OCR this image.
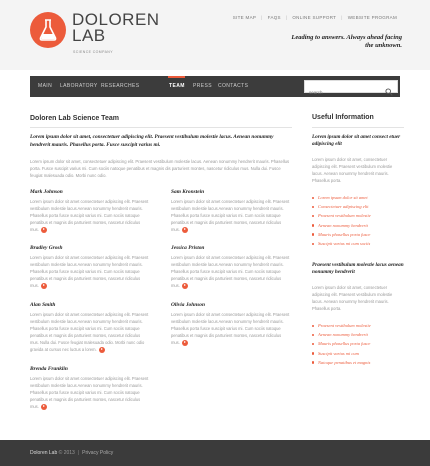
DOLOREN
LAB
SCIENCE COMPANY
SITE MAP	|	FAQS	|	ONLINE SUPPORT	|	WEBSITE PROGRAM
Leading to answers. Always ahead facing the unknown.
MAIN LABORATORY RESEARCHES	TEAM PRESS CONTACTS
search
Doloren Lab Science Team
Lorem ipsum dolor sit amet, consectetuer adipiscing elit. Praesent vestibulum molestie lacus. Aenean nonummy hendrerit mauris. Phasellus porta. Fusce suscipit varius mi.
Lorem ipsum dolor sit amet, consectetuer adipiscing elit. Praesent vestibulum molestie lacus. Aenean nonummy hendrerit mauris. Phasellus porta. Fusce suscipit varius mi. Cum sociis natoque penatibus et magnis dis parturient montes, nascetur ridiculus mus. Nulla dui. Fusce feugiat malesuada odio. Morbi nunc odio.
Mark Johnson
Lorem ipsum dolor sit amet consectetuer adipiscing elit. Praesent vestibulum molestie lacus Aenean nonummy hendrerit mauris. Phasellus porta fusce suscipit varius mi. Cum sociis natoque penatibus et magnis dis parturient montes, nascetur ridiculus mus.
Sam Kronstein
Lorem ipsum dolor sit amet consectetuer adipiscing elit. Praesent vestibulum molestie lacus Aenean nonummy hendrerit mauris. Phasellus porta fusce suscipit varius mi. Cum sociis natoque penatibus et magnis dis parturient montes, nascetur ridiculus mus.
Bradley Grosh
Lorem ipsum dolor sit amet consectetuer adipiscing elit. Praesent vestibulum molestie lacus Aenean nonummy hendrerit mauris. Phasellus porta fusce suscipit varius mi. Cum sociis natoque penatibus et magnis dis parturient montes, nascetur ridiculus mus.
Jessica Priston
Lorem ipsum dolor sit amet consectetuer adipiscing elit. Praesent vestibulum molestie lacus Aenean nonummy hendrerit mauris. Phasellus porta fusce suscipit varius mi. Cum sociis natoque penatibus et magnis dis parturient montes, nascetur ridiculus mus.
Alan Smith
Lorem ipsum dolor sit amet consectetuer adipiscing elit. Praesent vestibulum molestie lacus Aenean nonummy hendrerit mauris. Phasellus porta fusce suscipit varius mi. Cum sociis natoque penatibus et magnis dis parturient montes, nascetur ridiculus mus. Nulla dui. Fusce feugiat malesuada odio. Morbi nunc odio gravida at cursus nec luctus a lorem.
Olivia Johnson
Lorem ipsum dolor sit amet consectetuer adipiscing elit. Praesent vestibulum molestie lacus Aenean nonummy hendrerit mauris. Phasellus porta fusce suscipit varius mi. Cum sociis natoque penatibus et magnis dis parturient montes, nascetur ridiculus mus.
Brenda Franklin
Lorem ipsum dolor sit amet consectetuer adipiscing elit. Praesent vestibulum molestie lacus Aenean nonummy hendrerit mauris. Phasellus porta fusce suscipit varius mi. Cum sociis natoque penatibus et magnis dis parturient montes, nascetur ridiculus mus.
Useful Information
Lorem ipsum dolor sit amet consect etuer adipiscing elit
Lorem ipsum dolor sit amet, consectetuer adipiscing elit. Praesent vestibulum molestie lacus. Aenean nonummy hendrerit mauris. Phasellus porta.
Lorem ipsum dolor sit amet
Consectetuer adipiscing elit
Praesent vestibulum molestie
Aenean nonummy hendrerit
Mauris phasellus porta fusce
Suscipit varius mi cum sociis
Praesent vestibulum molestie lacus aenean nonummy hendrerit
Lorem ipsum dolor sit amet, consectetuer adipiscing elit. Praesent vestibulum molestie lacus. Aenean nonummy hendrerit mauris. Phasellus porta.
Praesent vestibulum molestie
Aenean nonummy hendrerit
Mauris phasellus porta fusce
Suscipit varius mi cum
Natoque penatibus et magnis
Doloren Lab © 2013 | Privacy Policy
